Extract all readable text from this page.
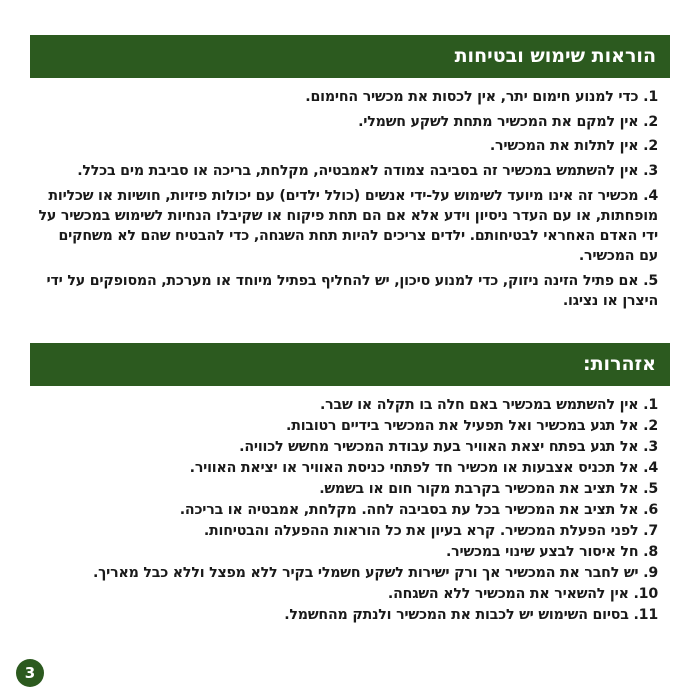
הוראות שימוש ובטיחות
1. כדי למנוע חימום יתר, אין לכסות את מכשיר החימום.
2. אין למקם את המכשיר מתחת לשקע חשמלי.
2. אין לתלות את המכשיר.
3. אין להשתמש במכשיר זה בסביבה צמודה לאמבטיה, מקלחת, בריכה או סביבת מים בכלל.
4. מכשיר זה אינו מיועד לשימוש על-ידי אנשים (כולל ילדים) עם יכולות פיזיות, חושיות או שכליות מופחתות, או עם העדר ניסיון וידע אלא אם הם תחת פיקוח או שקיבלו הנחיות לשימוש במכשיר על ידי האדם האחראי לבטיחותם. ילדים צריכים להיות תחת השגחה, כדי להבטיח שהם לא משחקים עם המכשיר.
5. אם פתיל הזינה ניזוק, כדי למנוע סיכון, יש להחליף בפתיל מיוחד או מערכת, המסופקים על ידי היצרן או נציגו.
אזהרות:
1. אין להשתמש במכשיר באם חלה בו תקלה או שבר.
2. אל תגע במכשיר ואל תפעיל את המכשיר בידיים רטובות.
3. אל תגע בפתח יצאת האוויר בעת עבודת המכשיר מחשש לכוויה.
4. אל תכניס אצבעות או מכשיר חד לפתחי כניסת האוויר או יציאת האוויר.
5. אל תציב את המכשיר בקרבת מקור חום או בשמש.
6. אל תציב את המכשיר בכל עת בסביבה לחה. מקלחת, אמבטיה או בריכה.
7. לפני הפעלת המכשיר. קרא בעיון את כל הוראות ההפעלה והבטיחות.
8. חל איסור לבצע שינוי במכשיר.
9. יש לחבר את המכשיר אך ורק ישירות לשקע חשמלי בקיר ללא מפצל וללא כבל מאריך.
10. אין להשאיר את המכשיר ללא השגחה.
11. בסיום השימוש יש לכבות את המכשיר ולנתק מהחשמל.
3
